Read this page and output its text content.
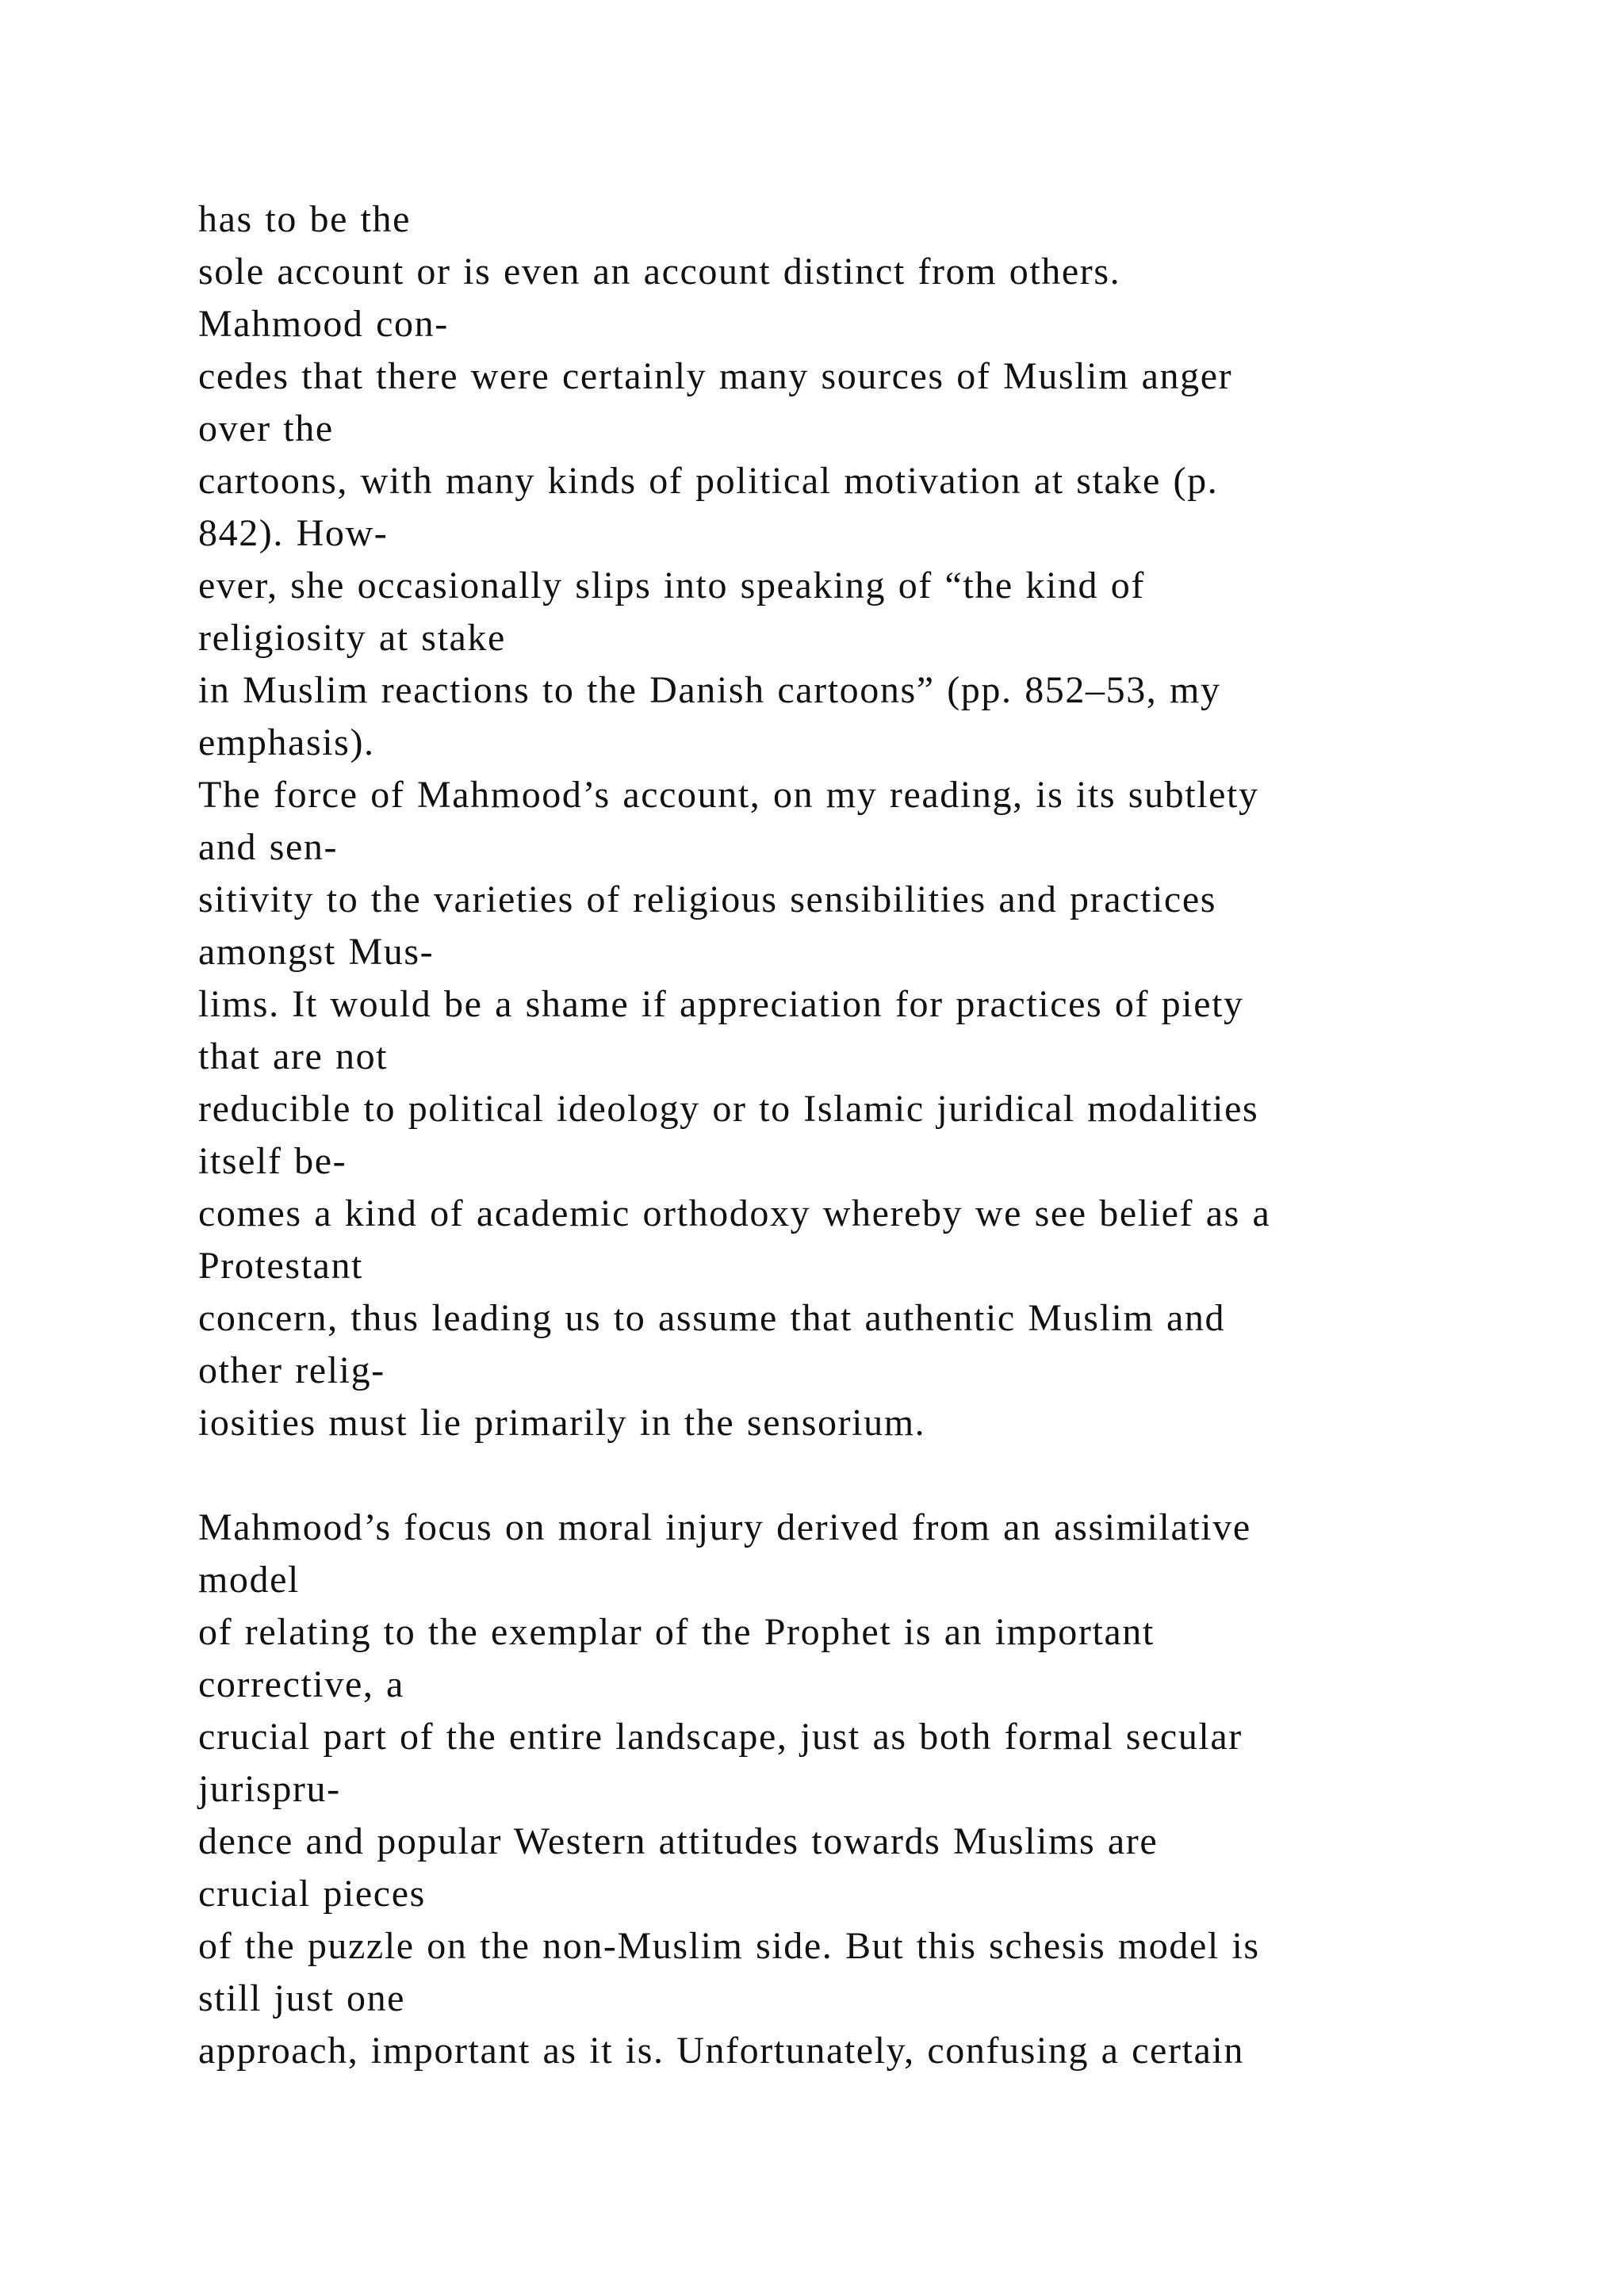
has to be the
sole account or is even an account distinct from others.
Mahmood con-
cedes that there were certainly many sources of Muslim anger
over the
cartoons, with many kinds of political motivation at stake (p.
842). How-
ever, she occasionally slips into speaking of “the kind of
religiosity at stake
in Muslim reactions to the Danish cartoons” (pp. 852–53, my
emphasis).
The force of Mahmood’s account, on my reading, is its subtlety
and sen-
sitivity to the varieties of religious sensibilities and practices
amongst Mus-
lims. It would be a shame if appreciation for practices of piety
that are not
reducible to political ideology or to Islamic juridical modalities
itself be-
comes a kind of academic orthodoxy whereby we see belief as a
Protestant
concern, thus leading us to assume that authentic Muslim and
other relig-
iosities must lie primarily in the sensorium.
Mahmood’s focus on moral injury derived from an assimilative
model
of relating to the exemplar of the Prophet is an important
corrective, a
crucial part of the entire landscape, just as both formal secular
jurispru-
dence and popular Western attitudes towards Muslims are
crucial pieces
of the puzzle on the non-Muslim side. But this schesis model is
still just one
approach, important as it is. Unfortunately, confusing a certain
